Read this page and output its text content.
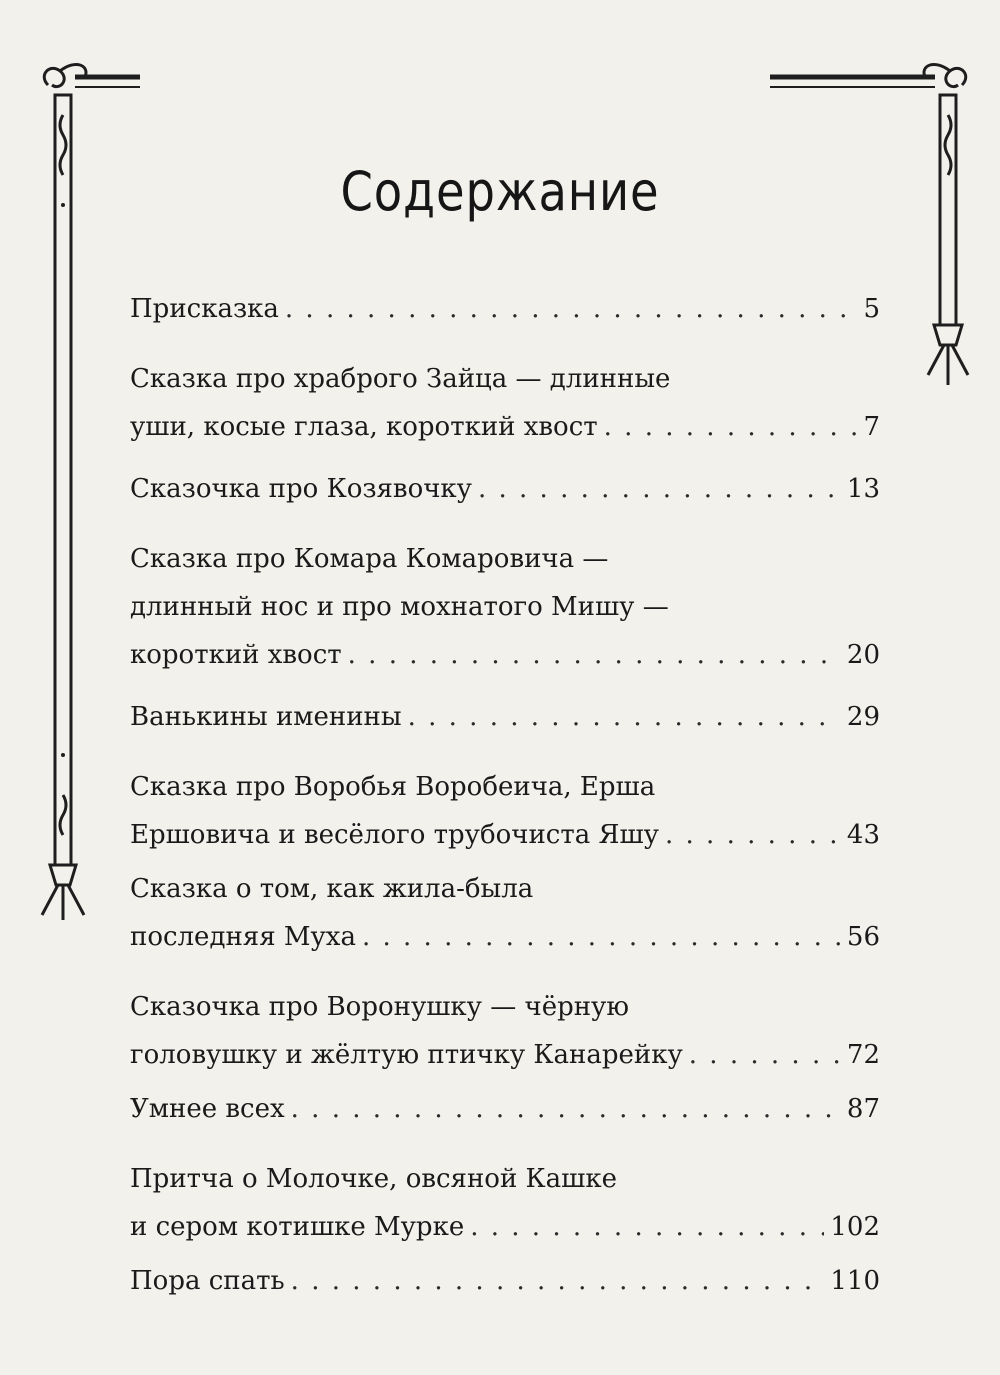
Содержание
Присказка . . .	5
Сказка про храброго Зайца — длинные
уши, косые глаза, короткий хвост . . .	7
Сказочка про Козявочку . . .	13
Сказка про Комара Комаровича —
длинный нос и про мохнатого Мишу —
короткий хвост . . .	20
Ванькины именины . . .	29
Сказка про Воробья Воробеича, Ерша
Ершовича и весёлого трубочиста Яшу . . .	43
Сказка о том, как жила-была
последняя Муха . . .	56
Сказочка про Воронушку — чёрную
головушку и жёлтую птичку Канарейку . . .	72
Умнее всех . . .	87
Притча о Молочке, овсяной Кашке
и сером котишке Мурке . . .	102
Пора спать . . .	110
